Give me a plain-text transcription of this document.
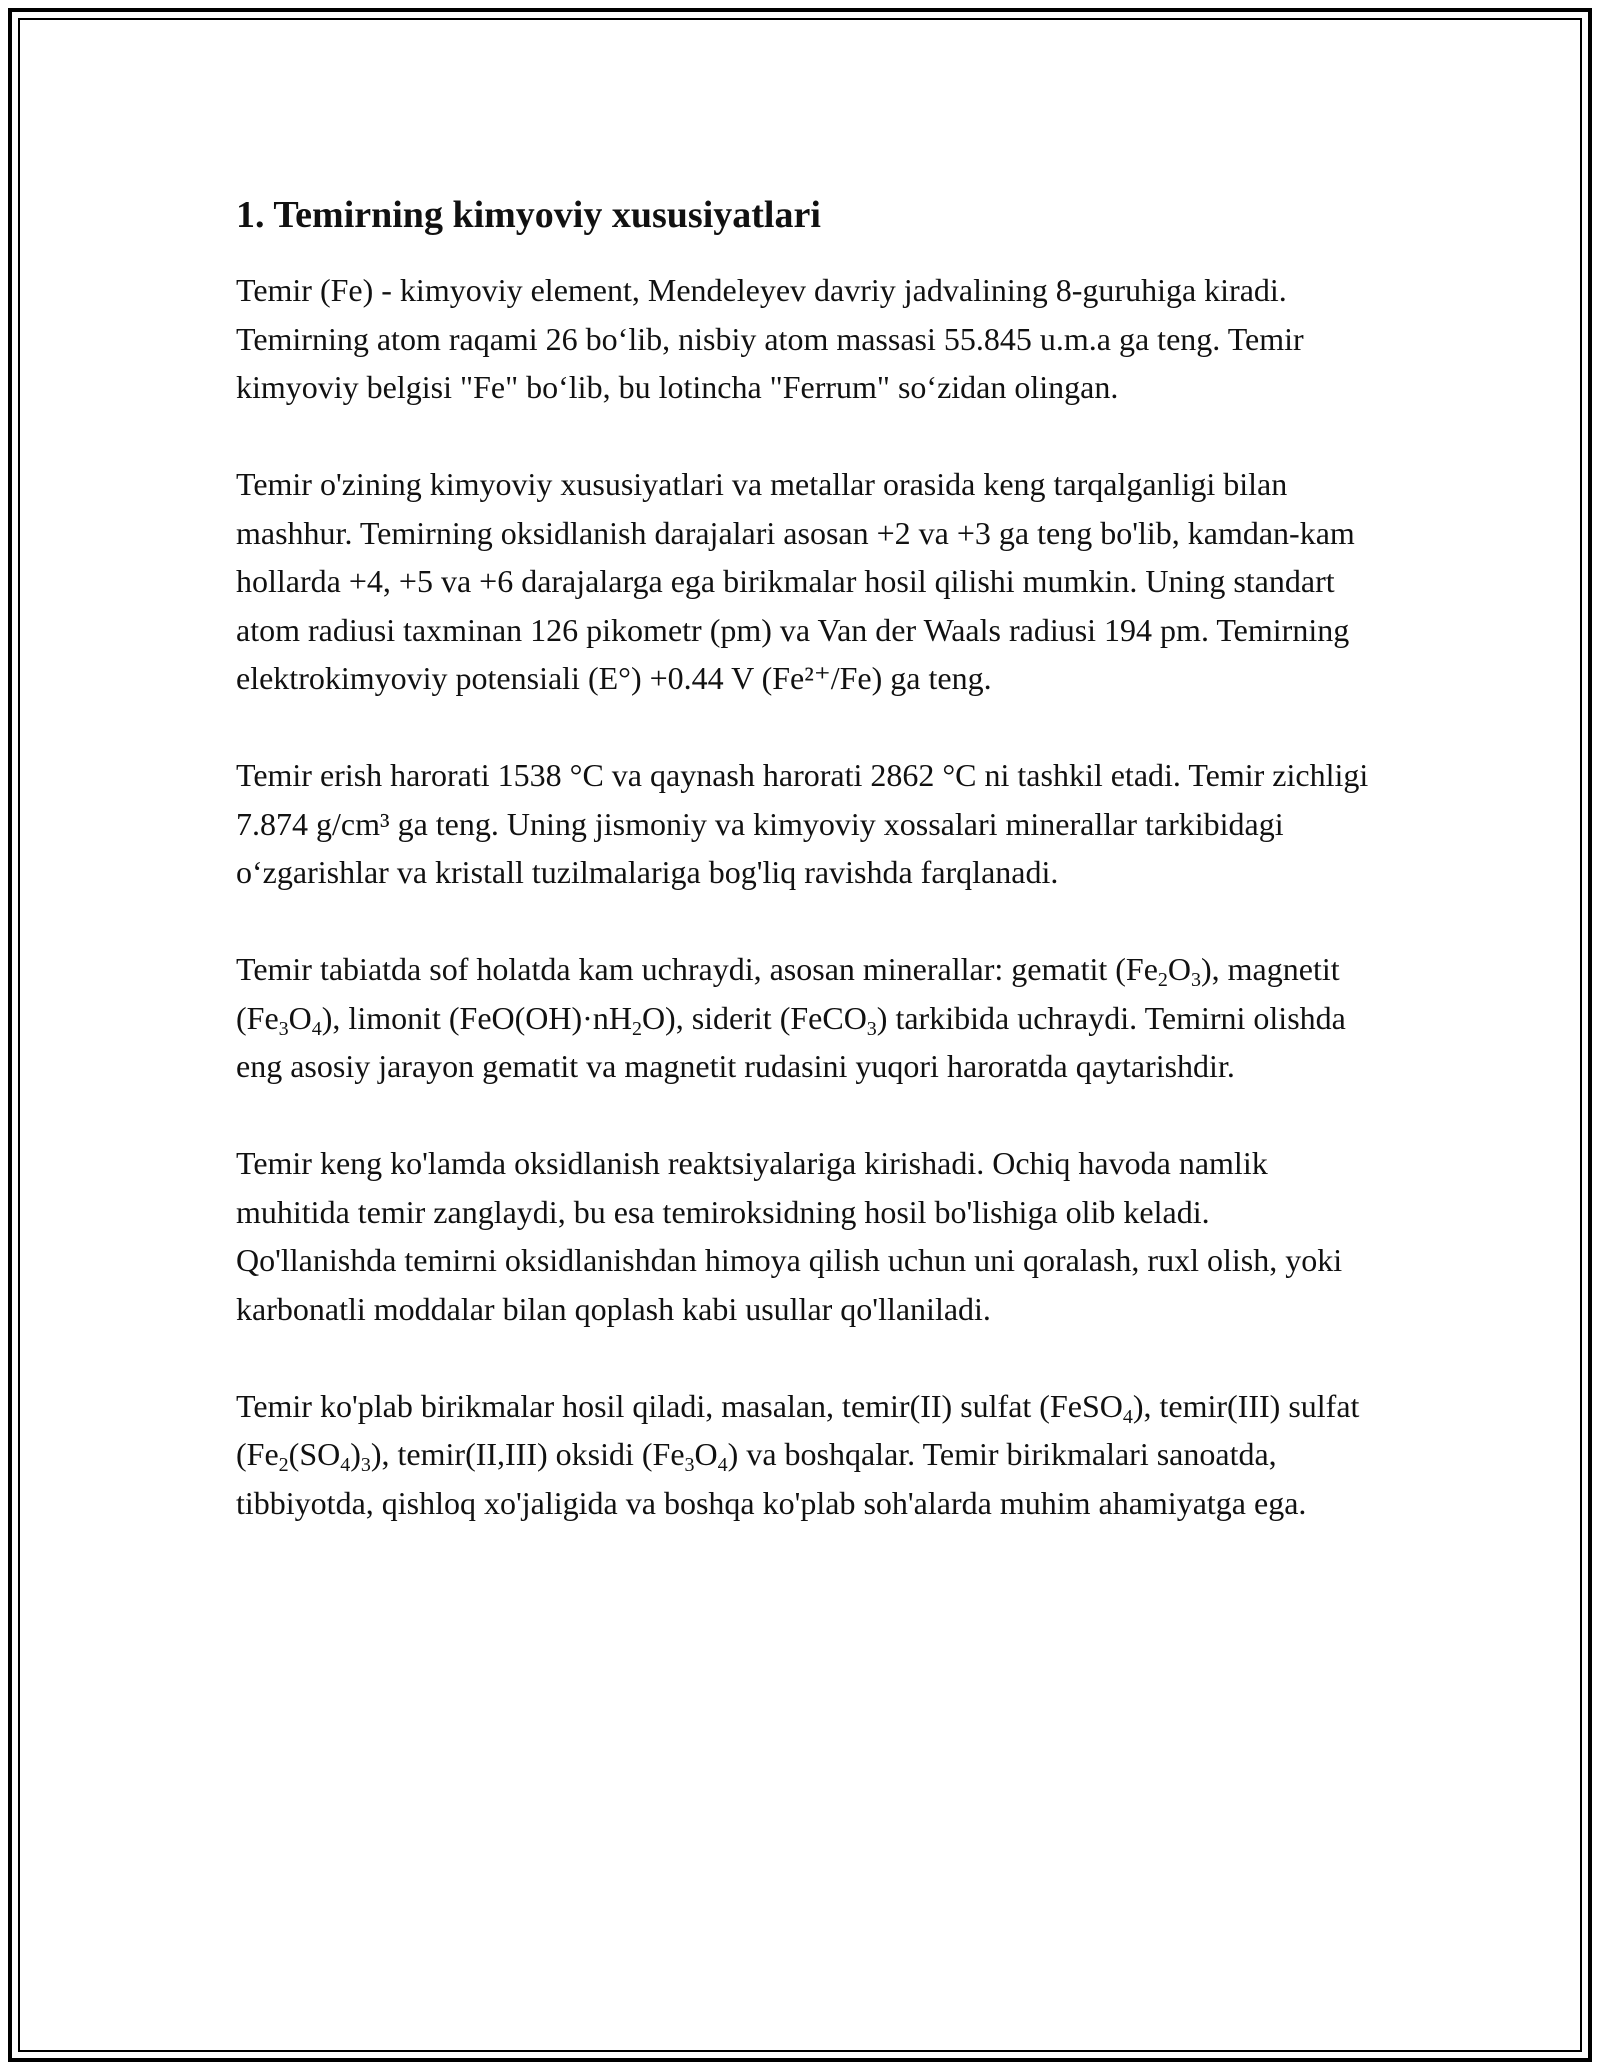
1. Temirning kimyoviy xususiyatlari

Temir (Fe) - kimyoviy element, Mendeleyev davriy jadvalining 8-guruhiga kiradi. Temirning atom raqami 26 bo‘lib, nisbiy atom massasi 55.845 u.m.a ga teng. Temir kimyoviy belgisi "Fe" bo‘lib, bu lotincha "Ferrum" so‘zidan olingan.

Temir o'zining kimyoviy xususiyatlari va metallar orasida keng tarqalganligi bilan mashhur. Temirning oksidlanish darajalari asosan +2 va +3 ga teng bo'lib, kamdan-kam hollarda +4, +5 va +6 darajalarga ega birikmalar hosil qilishi mumkin. Uning standart atom radiusi taxminan 126 pikometr (pm) va Van der Waals radiusi 194 pm. Temirning elektrokimyoviy potensiali (E°) +0.44 V (Fe²⁺/Fe) ga teng.

Temir erish harorati 1538 °C va qaynash harorati 2862 °C ni tashkil etadi. Temir zichligi 7.874 g/cm³ ga teng. Uning jismoniy va kimyoviy xossalari minerallar tarkibidagi o‘zgarishlar va kristall tuzilmalariga bog'liq ravishda farqlanadi.

Temir tabiatda sof holatda kam uchraydi, asosan minerallar: gematit $(Fe_2O_3)$, magnetit $(Fe_3O_4)$, limonit $(FeO(OH)\cdot nH_2O)$, siderit (FeCO$_3$) tarkibida uchraydi. Temirni olishda eng asosiy jarayon gematit va magnetit rudasini yuqori haroratda qaytarishdir.

Temir keng ko'lamda oksidlanish reaktsiyalariga kirishadi. Ochiq havoda namlik muhitida temir zanglaydi, bu esa temiroksidning hosil bo'lishiga olib keladi. Qo'llanishda temirni oksidlanishdan himoya qilish uchun uni qoralash, ruxl olish, yoki karbonatli moddalar bilan qoplash kabi usullar qo'llaniladi.

Temir ko'plab birikmalar hosil qiladi, masalan, temir(II) sulfat (FeSO$_4$), temir(III) sulfat $(Fe_2(SO_4)_3)$, temir(II,III) oksidi $(Fe_3O_4)$ va boshqalar. Temir birikmalari sanoatda, tibbiyotda, qishloq xo'jaligida va boshqa ko'plab soh'alarda muhim ahamiyatga ega.
